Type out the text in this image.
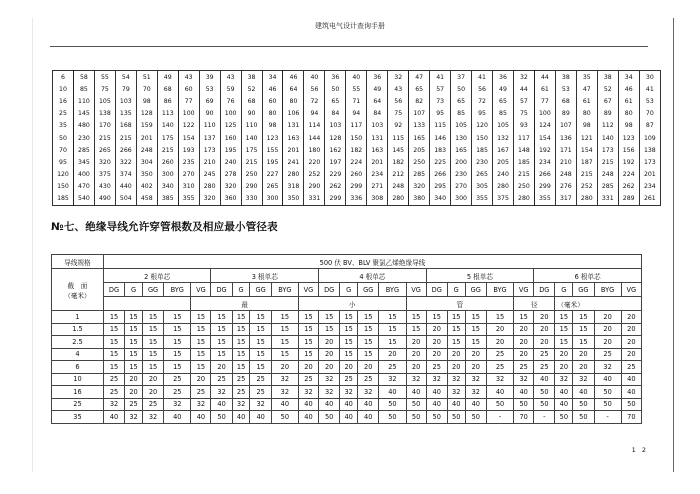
建筑电气设计查询手册
6	58	55	54	51	49	43	39	43	38	34	46	40	36	40	36	32	47	41	37	41	36	32	44	38	35	38	34	30
10	85	75	79	70	68	60	53	59	52	46	64	56	50	55	49	43	65	57	50	56	49	44	61	53	47	52	46	41
16	110	105	103	98	86	77	69	76	68	60	80	72	65	71	64	56	82	73	65	72	65	57	77	68	61	67	61	53
25	145	138	135	128	113	100	90	100	90	80	106	94	84	94	84	75	107	95	85	95	85	75	100	89	80	89	80	70
35	480	170	168	159	140	122	110	125	110	98	131	114	103	117	103	92	133	115	105	120	105	93	124	107	98	112	98	87
50	230	215	215	201	175	154	137	160	140	123	163	144	128	150	131	115	165	146	130	150	132	117	154	136	121	140	123	109
70	285	265	266	248	215	193	173	195	175	155	201	180	162	182	163	145	205	183	165	185	167	148	192	171	154	173	156	138
95	345	320	322	304	260	235	210	240	215	195	241	220	197	224	201	182	250	225	200	230	205	185	234	210	187	215	192	173
120	400	375	374	350	300	270	245	278	250	227	280	252	229	260	234	212	285	266	230	265	240	215	266	248	215	248	224	201
150	470	430	440	402	340	310	280	320	290	265	318	290	262	299	271	248	320	295	270	305	280	250	299	276	252	285	262	234
185	540	490	504	458	385	355	320	360	330	300	350	331	299	336	308	280	380	340	300	355	375	280	355	317	280	331	289	261
№七、绝缘导线允许穿管根数及相应最小管径表
导线规格	500 伏 BV、BLV 聚氯乙烯绝缘导线																								

截　面
（毫米）	2 根单芯					3 根单芯					4 根单芯					5 根单芯					6 根单芯				
	DG	G	GG	BYG	VG	DG	G	GG	BYG	VG	DG	G	GG	BYG	VG	DG	G	GG	BYG	VG	DG	G	GG	BYG	VG
					最					小					管					径		（毫米）			
1	15	15	15	15	15	15	15	15	15	15	15	15	15	15	15	15	15	15	15	15	20	15	15	20	20
1.5	15	15	15	15	15	15	15	15	15	15	15	15	15	15	15	20	15	15	20	20	20	15	15	20	20
2.5	15	15	15	15	15	15	15	15	15	15	20	15	15	15	20	20	15	15	20	20	20	15	15	20	20
4	15	15	15	15	15	15	15	15	15	15	20	15	15	20	20	20	20	20	25	20	25	20	20	25	20
6	15	15	15	15	15	20	15	15	20	20	20	20	20	25	20	25	20	20	25	25	25	20	20	32	25
10	25	20	20	25	20	25	25	25	32	25	32	25	25	32	32	32	32	32	32	32	40	32	32	40	40
16	25	20	20	25	25	32	25	25	32	32	32	32	32	40	40	40	32	32	40	40	50	40	40	50	40
25	32	25	25	32	32	40	32	32	40	40	40	40	40	50	50	40	40	40	50	50	50	40	50	50	50
35	40	32	32	40	40	50	40	40	50	40	50	40	40	50	50	50	50	50	-	70	-	50	50	-	70
1 2
